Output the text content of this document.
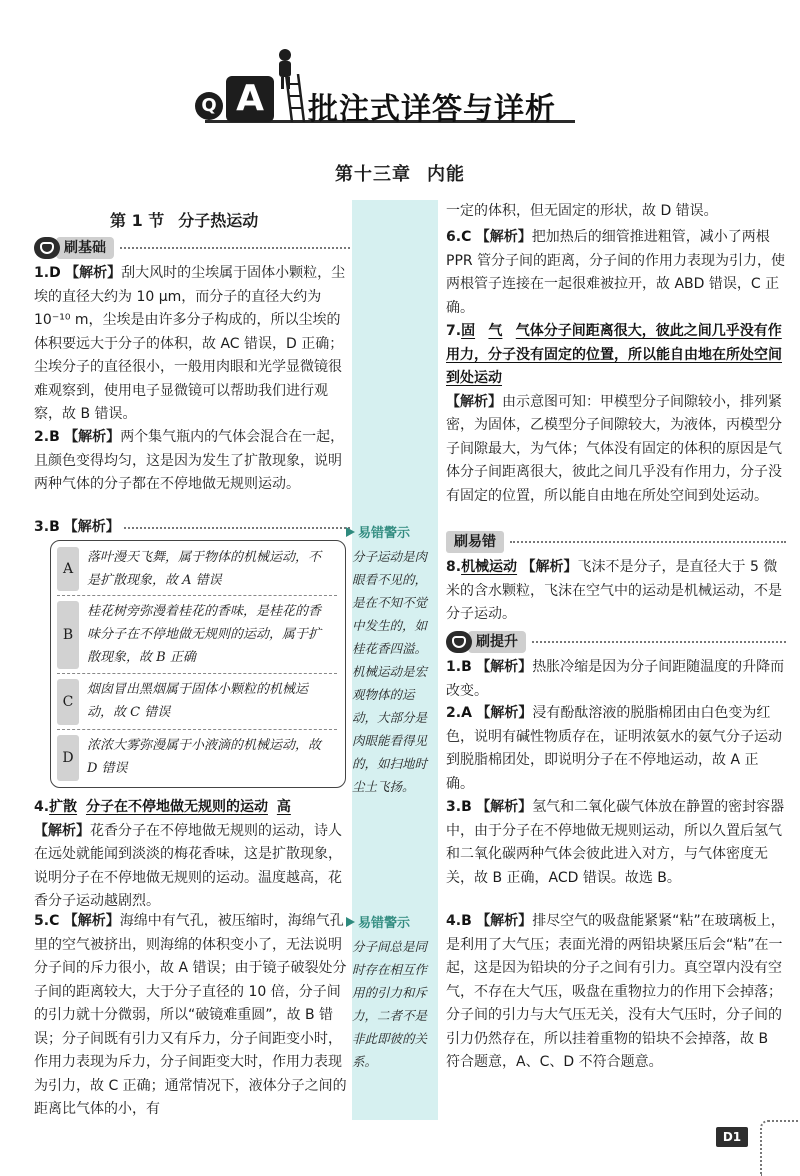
Q A	批注式详答与详析
第十三章 内能
第 1 节 分子热运动
刷基础
1.D 【解析】刮大风时的尘埃属于固体小颗粒，尘埃的直径大约为 10 μm，而分子的直径大约为 10⁻¹⁰ m，尘埃是由许多分子构成的，所以尘埃的体积要远大于分子的体积，故 AC 错误，D 正确；尘埃分子的直径很小，一般用肉眼和光学显微镜很难观察到，使用电子显微镜可以帮助我们进行观察，故 B 错误。
2.B 【解析】两个集气瓶内的气体会混合在一起，且颜色变得均匀，这是因为发生了扩散现象，说明两种气体的分子都在不停地做无规则运动。
3. B 【解析】
A
落叶漫天飞舞，属于物体的机械运动，不是扩散现象，故 A 错误
B
桂花树旁弥漫着桂花的香味，是桂花的香味分子在不停地做无规则的运动，属于扩散现象，故 B 正确
C
烟囱冒出黑烟属于固体小颗粒的机械运动，故 C 错误
D
浓浓大雾弥漫属于小液滴的机械运动，故 D 错误
4.扩散 分子在不停地做无规则的运动 高
【解析】花香分子在不停地做无规则的运动，诗人在远处就能闻到淡淡的梅花香味，这是扩散现象，说明分子在不停地做无规则的运动。温度越高，花香分子运动越剧烈。
5.C 【解析】海绵中有气孔，被压缩时，海绵气孔里的空气被挤出，则海绵的体积变小了，无法说明分子间的斥力很小，故 A 错误；由于镜子破裂处分子间的距离较大，大于分子直径的 10 倍，分子间的引力就十分微弱，所以“破镜难重圆”，故 B 错误；分子间既有引力又有斥力，分子间距变小时，作用力表现为斥力，分子间距变大时，作用力表现为引力，故 C 正确；通常情况下，液体分子之间的距离比气体的小，有
易错警示
分子运动是肉眼看不见的，是在不知不觉中发生的，如桂花香四溢。机械运动是宏观物体的运动，大部分是肉眼能看得见的，如扫地时尘土飞扬。
易错警示
分子间总是同时存在相互作用的引力和斥力，二者不是非此即彼的关系。
一定的体积，但无固定的形状，故 D 错误。
6.C 【解析】把加热后的细管推进粗管，减小了两根 PPR 管分子间的距离，分子间的作用力表现为引力，使两根管子连接在一起很难被拉开，故 ABD 错误，C 正确。
7.固 气 气体分子间距离很大，彼此之间几乎没有作用力，分子没有固定的位置，所以能自由地在所处空间到处运动
【解析】由示意图可知：甲模型分子间隙较小，排列紧密，为固体，乙模型分子间隙较大，为液体，丙模型分子间隙最大，为气体；气体没有固定的体积的原因是气体分子间距离很大，彼此之间几乎没有作用力，分子没有固定的位置，所以能自由地在所处空间到处运动。
刷易错
8.机械运动 【解析】飞沫不是分子，是直径大于 5 微米的含水颗粒，飞沫在空气中的运动是机械运动，不是分子运动。
刷提升
1.B 【解析】热胀冷缩是因为分子间距随温度的升降而改变。
2.A 【解析】浸有酚酞溶液的脱脂棉团由白色变为红色，说明有碱性物质存在，证明浓氨水的氨气分子运动到脱脂棉团处，即说明分子在不停地运动，故 A 正确。
3.B 【解析】氢气和二氧化碳气体放在静置的密封容器中，由于分子在不停地做无规则运动，所以久置后氢气和二氧化碳两种气体会彼此进入对方，与气体密度无关，故 B 正确，ACD 错误。故选 B。
4.B 【解析】排尽空气的吸盘能紧紧“粘”在玻璃板上，是利用了大气压；表面光滑的两铅块紧压后会“粘”在一起，这是因为铅块的分子之间有引力。真空罩内没有空气，不存在大气压，吸盘在重物拉力的作用下会掉落；分子间的引力与大气压无关，没有大气压时，分子间的引力仍然存在，所以挂着重物的铅块不会掉落，故 B 符合题意，A、C、D 不符合题意。
D1
